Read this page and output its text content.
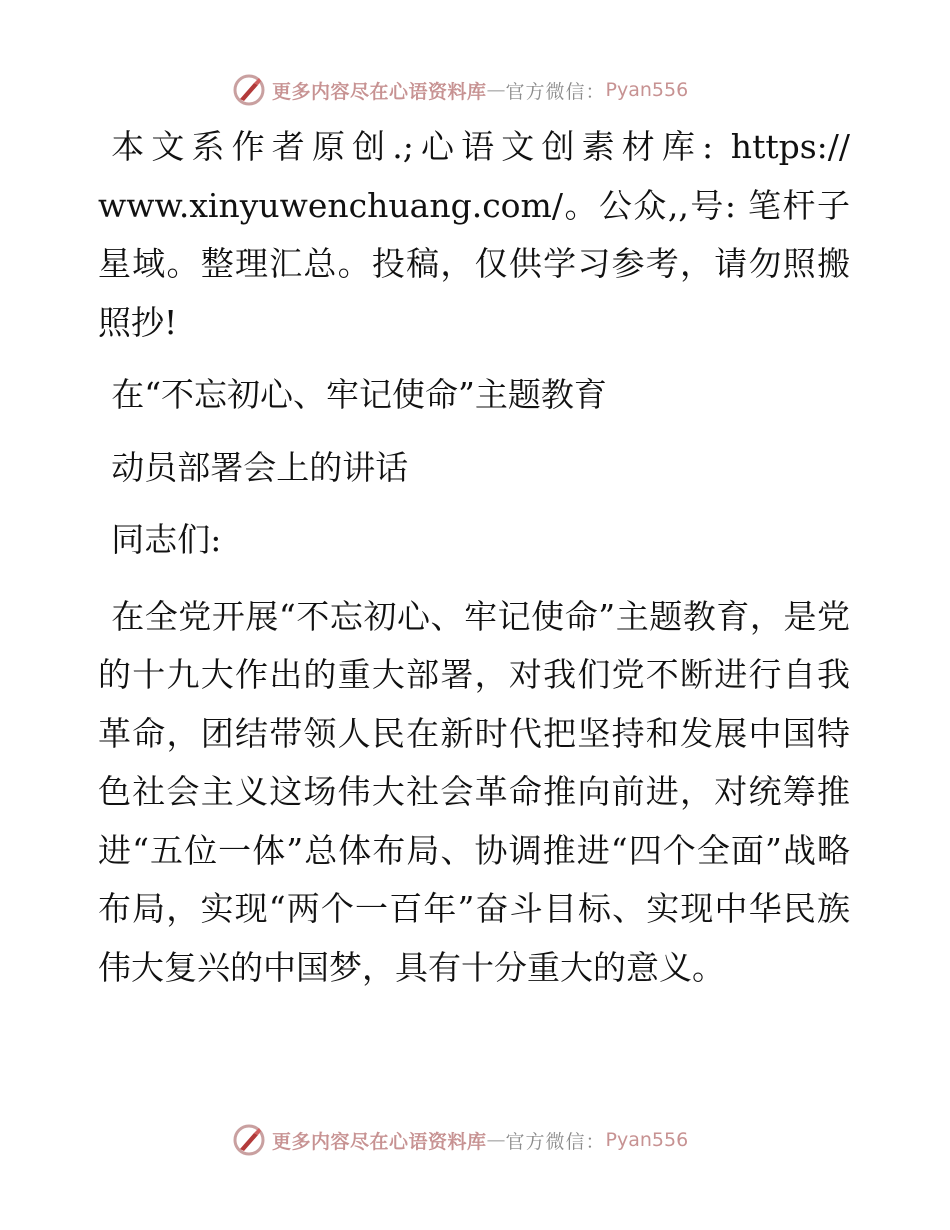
更多内容尽在心语资料库 — 官方微信： Pyan556

本文系作者原创.;心语文创素材库: https:// www.xinyuwenchuang.com/。公众,,号: 笔杆子星域。整理汇总。投稿，仅供学习参考，请勿照搬照抄!

在“不忘初心、牢记使命”主题教育

动员部署会上的讲话

同志们:

在全党开展“不忘初心、牢记使命”主题教育，是党的十九大作出的重大部署，对我们党不断进行自我革命，团结带领人民在新时代把坚持和发展中国特色社会主义这场伟大社会革命推向前进，对统筹推进“五位一体”总体布局、协调推进“四个全面”战略布局，实现“两个一百年”奋斗目标、实现中华民族伟大复兴的中国梦，具有十分重大的意义。

更多内容尽在心语资料库 — 官方微信： Pyan556
